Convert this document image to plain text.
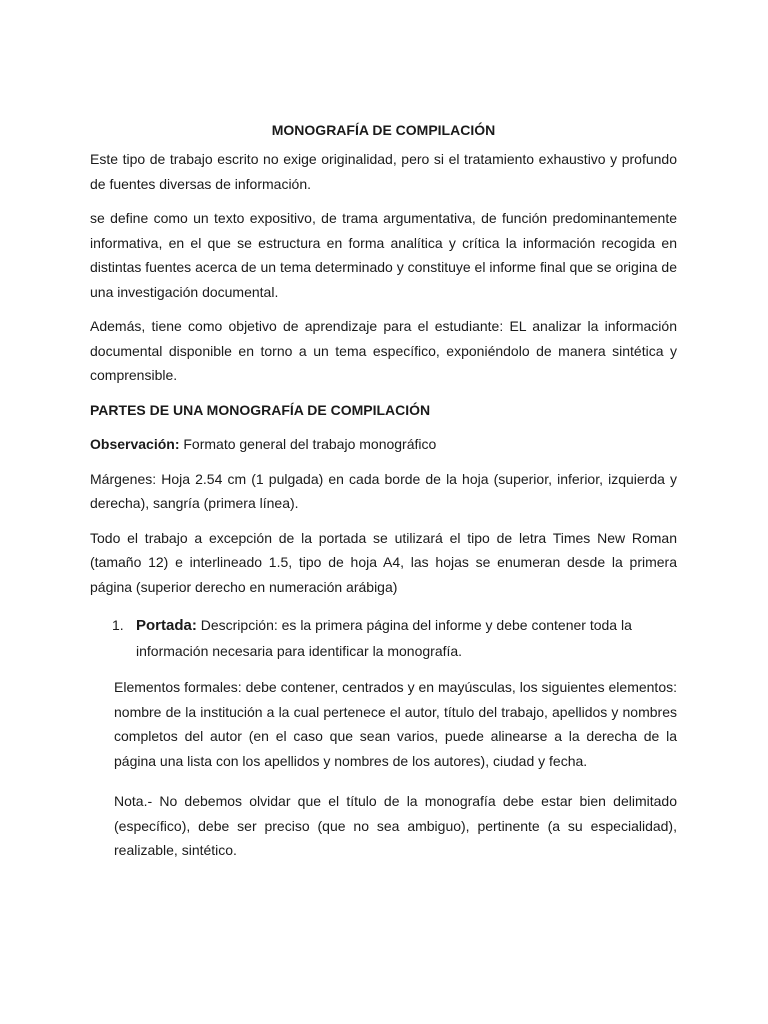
MONOGRAFÍA DE COMPILACIÓN

Este tipo de trabajo escrito no exige originalidad, pero si el tratamiento exhaustivo y profundo de fuentes diversas de información.

se define como un texto expositivo, de trama argumentativa, de función predominantemente informativa, en el que se estructura en forma analítica y crítica la información recogida en distintas fuentes acerca de un tema determinado y constituye el informe final que se origina de una investigación documental.

Además, tiene como objetivo de aprendizaje para el estudiante: EL analizar la información documental disponible en torno a un tema específico, exponiéndolo de manera sintética y comprensible.

PARTES DE UNA MONOGRAFÍA DE COMPILACIÓN

Observación: Formato general del trabajo monográfico

Márgenes: Hoja 2.54 cm (1 pulgada) en cada borde de la hoja (superior, inferior, izquierda y derecha), sangría (primera línea).

Todo el trabajo a excepción de la portada se utilizará el tipo de letra Times New Roman (tamaño 12) e interlineado 1.5, tipo de hoja A4, las hojas se enumeran desde la primera página (superior derecho en numeración arábiga)

1. Portada: Descripción: es la primera página del informe y debe contener toda la información necesaria para identificar la monografía.

Elementos formales: debe contener, centrados y en mayúsculas, los siguientes elementos: nombre de la institución a la cual pertenece el autor, título del trabajo, apellidos y nombres completos del autor (en el caso que sean varios, puede alinearse a la derecha de la página una lista con los apellidos y nombres de los autores), ciudad y fecha.

Nota.- No debemos olvidar que el título de la monografía debe estar bien delimitado (específico), debe ser preciso (que no sea ambiguo), pertinente (a su especialidad), realizable, sintético.
